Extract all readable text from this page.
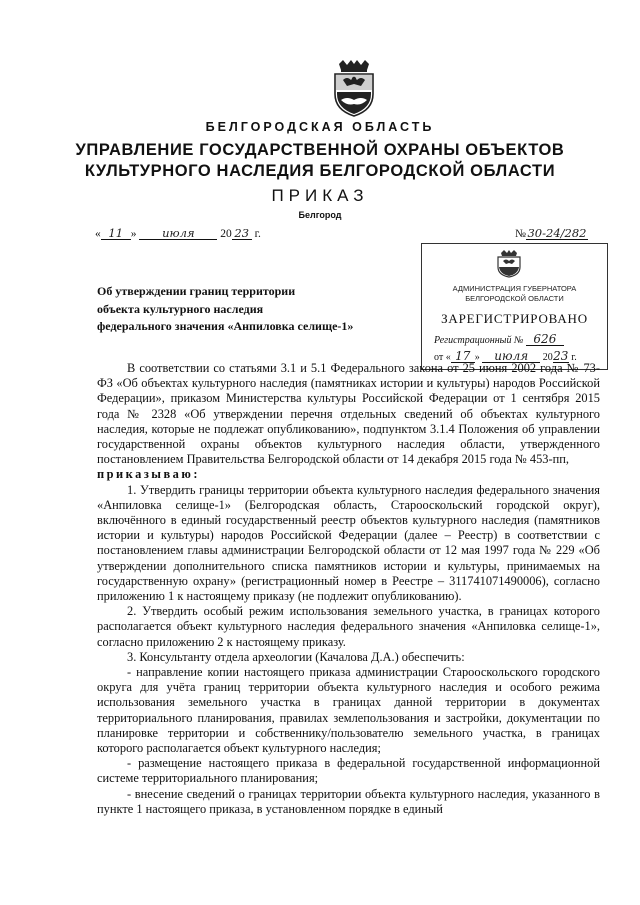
БЕЛГОРОДСКАЯ ОБЛАСТЬ
УПРАВЛЕНИЕ ГОСУДАРСТВЕННОЙ ОХРАНЫ ОБЪЕКТОВ
КУЛЬТУРНОГО НАСЛЕДИЯ БЕЛГОРОДСКОЙ ОБЛАСТИ
ПРИКАЗ
Белгород
« 11 » июля 20 23 г.	№ 30-24/282
Об утверждении границ территории
объекта культурного наследия
федерального значения «Анпиловка селище-1»
АДМИНИСТРАЦИЯ ГУБЕРНАТОРА
БЕЛГОРОДСКОЙ ОБЛАСТИ
ЗАРЕГИСТРИРОВАНО
Регистрационный № 626
от « 17 » июля 2023 г.

В соответствии со статьями 3.1 и 5.1 Федерального закона от 25 июня 2002 года № 73-ФЗ «Об объектах культурного наследия (памятниках истории и культуры) народов Российской Федерации», приказом Министерства культуры Российской Федерации от 1 сентября 2015 года № 2328 «Об утверждении перечня отдельных сведений об объектах культурного наследия, которые не подлежат опубликованию», подпунктом 3.1.4 Положения об управлении государственной охраны объектов культурного наследия области, утвержденного постановлением Правительства Белгородской области от 14 декабря 2015 года № 453-пп,

приказываю:

1. Утвердить границы территории объекта культурного наследия федерального значения «Анпиловка селище-1» (Белгородская область, Старооскольский городской округ), включённого в единый государственный реестр объектов культурного наследия (памятников истории и культуры) народов Российской Федерации (далее – Реестр) в соответствии с постановлением главы администрации Белгородской области от 12 мая 1997 года № 229 «Об утверждении дополнительного списка памятников истории и культуры, принимаемых на государственную охрану» (регистрационный номер в Реестре – 311741071490006), согласно приложению 1 к настоящему приказу (не подлежит опубликованию).

2. Утвердить особый режим использования земельного участка, в границах которого располагается объект культурного наследия федерального значения «Анпиловка селище-1», согласно приложению 2 к настоящему приказу.

3. Консультанту отдела археологии (Качалова Д.А.) обеспечить:

- направление копии настоящего приказа администрации Старооскольского городского округа для учёта границ территории объекта культурного наследия и особого режима использования земельного участка в границах данной территории в документах территориального планирования, правилах землепользования и застройки, документации по планировке территории и собственнику/пользователю земельного участка, в границах которого располагается объект культурного наследия;

- размещение настоящего приказа в федеральной государственной информационной системе территориального планирования;

- внесение сведений о границах территории объекта культурного наследия, указанного в пункте 1 настоящего приказа, в установленном порядке в единый
